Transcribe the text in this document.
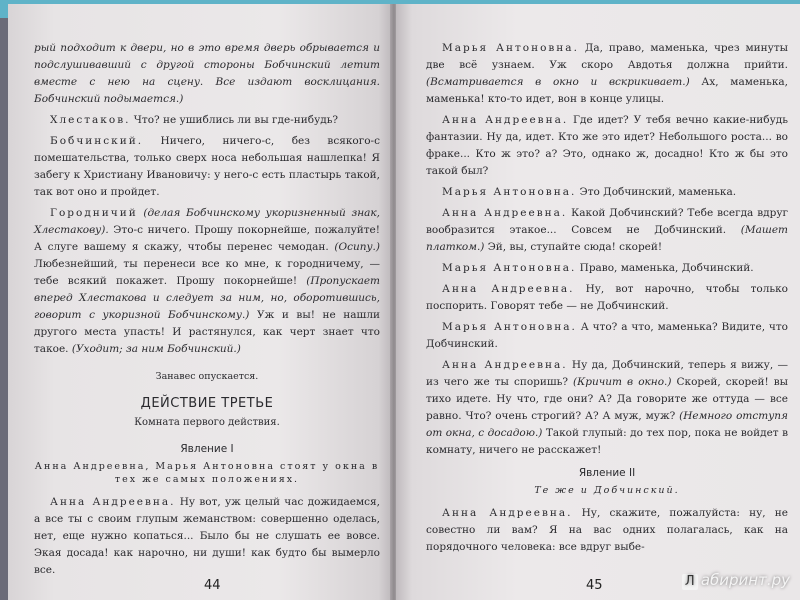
рый подходит к двери, но в это время дверь обрывается и подслушивавший с другой стороны Бобчинский летит вместе с нею на сцену. Все издают восклицания. Бобчинский подымается.)

Хлестаков. Что? не ушиблись ли вы где-нибудь?

Бобчинский. Ничего, ничего-с, без всякого-с помешательства, только сверх носа небольшая нашлепка! Я забегу к Христиану Ивановичу: у него-с есть пластырь такой, так вот оно и пройдет.

Городничий (делая Бобчинскому укоризненный знак, Хлестакову). Это-с ничего. Прошу покорнейше, пожалуйте! А слуге вашему я скажу, чтобы перенес чемодан. (Осипу.) Любезнейший, ты перенеси все ко мне, к городничему, — тебе всякий покажет. Прошу покорнейше! (Пропускает вперед Хлестакова и следует за ним, но, оборотившись, говорит с укоризной Бобчинскому.) Уж и вы! не нашли другого места упасть! И растянулся, как черт знает что такое. (Уходит; за ним Бобчинский.)

Занавес опускается.
ДЕЙСТВИЕ ТРЕТЬЕ
Комната первого действия.
Явление I
Анна Андреевна, Марья Антоновна стоят у окна в тех же самых положениях.

Анна Андреевна. Ну вот, уж целый час дожидаемся, а все ты с своим глупым жеманством: совершенно оделась, нет, еще нужно копаться... Было бы не слушать ее вовсе. Экая досада! как нарочно, ни души! как будто бы вымерло все.

44

Марья Антоновна. Да, право, маменька, чрез минуты две всё узнаем. Уж скоро Авдотья должна прийти. (Всматривается в окно и вскрикивает.) Ах, маменька, маменька! кто-то идет, вон в конце улицы.

Анна Андреевна. Где идет? У тебя вечно какие-нибудь фантазии. Ну да, идет. Кто же это идет? Небольшого роста... во фраке... Кто ж это? а? Это, однако ж, досадно! Кто ж бы это такой был?

Марья Антоновна. Это Добчинский, маменька.

Анна Андреевна. Какой Добчинский? Тебе всегда вдруг вообразится этакое... Совсем не Добчинский. (Машет платком.) Эй, вы, ступайте сюда! скорей!

Марья Антоновна. Право, маменька, Добчинский.

Анна Андреевна. Ну, вот нарочно, чтобы только поспорить. Говорят тебе — не Добчинский.

Марья Антоновна. А что? а что, маменька? Видите, что Добчинский.

Анна Андреевна. Ну да, Добчинский, теперь я вижу, — из чего же ты споришь? (Кричит в окно.) Скорей, скорей! вы тихо идете. Ну что, где они? А? Да говорите же оттуда — все равно. Что? очень строгий? А? А муж, муж? (Немного отступя от окна, с досадою.) Такой глупый: до тех пор, пока не войдет в комнату, ничего не расскажет!

Явление II
Те же и Добчинский.

Анна Андреевна. Ну, скажите, пожалуйста: ну, не совестно ли вам? Я на вас одних полагалась, как на порядочного человека: все вдруг выбе-

45	Л абиринт.ру
